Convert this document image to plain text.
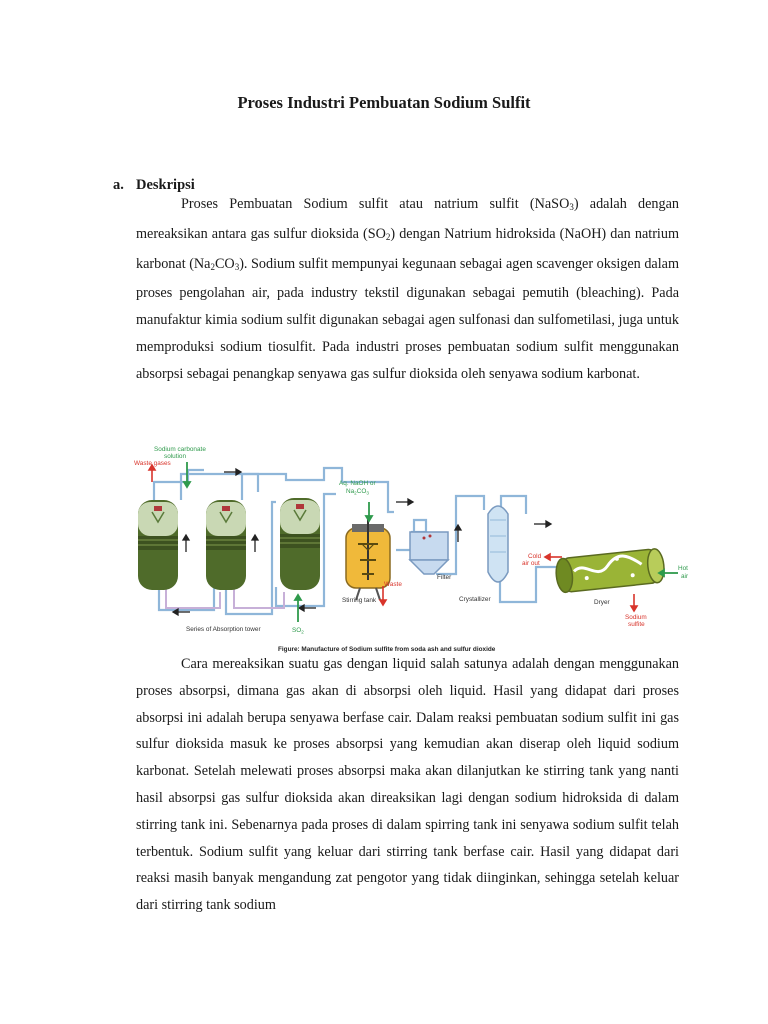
Proses Industri Pembuatan Sodium Sulfit
a. Deskripsi

Proses Pembuatan Sodium sulfit atau natrium sulfit (NaSO$_3$) adalah dengan mereaksikan antara gas sulfur dioksida $(SO_2)$ dengan Natrium hidroksida (NaOH) dan natrium karbonat $(Na_2CO_3)$. Sodium sulfit mempunyai kegunaan sebagai agen scavenger oksigen dalam proses pengolahan air, pada industry tekstil digunakan sebagai pemutih (bleaching). Pada manufaktur kimia sodium sulfit digunakan sebagai agen sulfonasi dan sulfometilasi, juga untuk memproduksi sodium tiosulfit. Pada industri proses pembuatan sodium sulfit menggunakan absorpsi sebagai penangkap senyawa gas sulfur dioksida oleh senyawa sodium karbonat.

Sodium carbonate
solution
Waste gases
Aq. NaOH or
$Na_2CO_3$
Waste
Filter
Stirring tank	Crystallizer
Cold
air out
Dryer
Hot
air
Sodium
sulfite
Series of Absorption tower	$SO_2$
Figure: Manufacture of Sodium sulfite from soda ash and sulfur dioxide

Cara mereaksikan suatu gas dengan liquid salah satunya adalah dengan menggunakan proses absorpsi, dimana gas akan di absorpsi oleh liquid. Hasil yang didapat dari proses absorpsi ini adalah berupa senyawa berfase cair. Dalam reaksi pembuatan sodium sulfit ini gas sulfur dioksida masuk ke proses absorpsi yang kemudian akan diserap oleh liquid sodium karbonat. Setelah melewati proses absorpsi maka akan dilanjutkan ke stirring tank yang nanti hasil absorpsi gas sulfur dioksida akan direaksikan lagi dengan sodium hidroksida di dalam stirring tank ini. Sebenarnya pada proses di dalam spirring tank ini senyawa sodium sulfit telah terbentuk. Sodium sulfit yang keluar dari stirring tank berfase cair. Hasil yang didapat dari reaksi masih banyak mengandung zat pengotor yang tidak diinginkan, sehingga setelah keluar dari stirring tank sodium
